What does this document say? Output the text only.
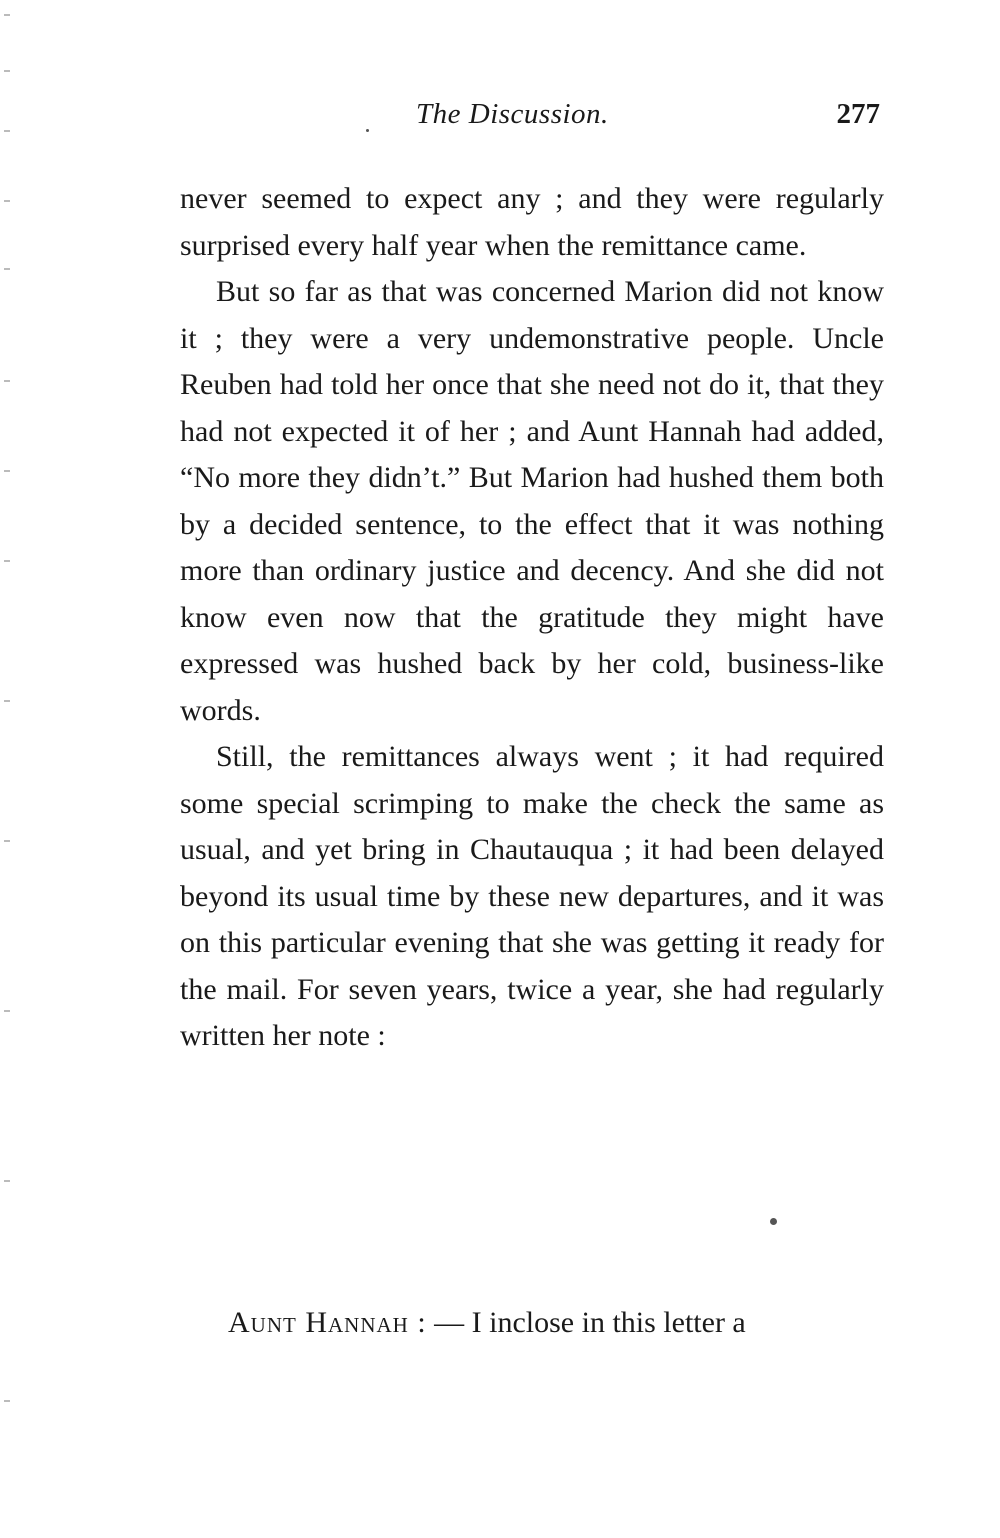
The Discussion.	277

never seemed to expect any ; and they were regularly surprised every half year when the remittance came.

But so far as that was concerned Marion did not know it ; they were a very undemonstrative people. Uncle Reuben had told her once that she need not do it, that they had not expected it of her ; and Aunt Hannah had added, “No more they didn’t.” But Marion had hushed them both by a decided sentence, to the effect that it was nothing more than ordinary justice and decency. And she did not know even now that the gratitude they might have expressed was hushed back by her cold, business-like words.

Still, the remittances always went ; it had required some special scrimping to make the check the same as usual, and yet bring in Chautauqua ; it had been delayed beyond its usual time by these new departures, and it was on this particular evening that she was getting it ready for the mail. For seven years, twice a year, she had regularly written her note :

Aunt Hannah : — I inclose in this letter a
